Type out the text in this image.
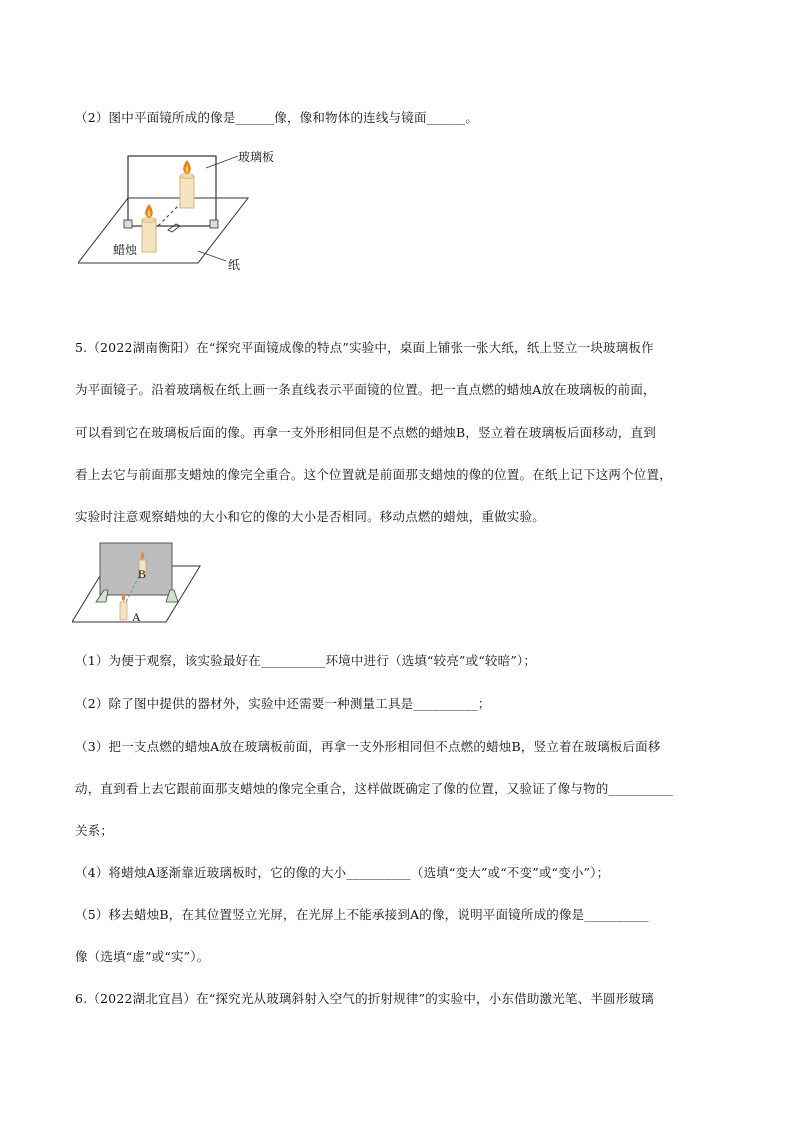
（2）图中平面镜所成的像是______像，像和物体的连线与镜面______。
玻璃板
蜡烛
纸
5.（2022湖南衡阳）在“探究平面镜成像的特点”实验中，桌面上铺张一张大纸，纸上竖立一块玻璃板作
为平面镜子。沿着玻璃板在纸上画一条直线表示平面镜的位置。把一直点燃的蜡烛A放在玻璃板的前面，
可以看到它在玻璃板后面的像。再拿一支外形相同但是不点燃的蜡烛B，竖立着在玻璃板后面移动，直到
看上去它与前面那支蜡烛的像完全重合。这个位置就是前面那支蜡烛的像的位置。在纸上记下这两个位置，
实验时注意观察蜡烛的大小和它的像的大小是否相同。移动点燃的蜡烛，重做实验。
B
A
（1）为便于观察，该实验最好在__________环境中进行（选填“较亮”或“较暗”）；
（2）除了图中提供的器材外，实验中还需要一种测量工具是__________；
（3）把一支点燃的蜡烛A放在玻璃板前面，再拿一支外形相同但不点燃的蜡烛B，竖立着在玻璃板后面移
动，直到看上去它跟前面那支蜡烛的像完全重合，这样做既确定了像的位置，又验证了像与物的__________
关系；
（4）将蜡烛A逐渐靠近玻璃板时，它的像的大小__________（选填“变大”或“不变”或“变小”）；
（5）移去蜡烛B，在其位置竖立光屏，在光屏上不能承接到A的像，说明平面镜所成的像是__________
像（选填“虚”或“实”）。
6.（2022湖北宜昌）在“探究光从玻璃斜射入空气的折射规律”的实验中，小东借助激光笔、半圆形玻璃
